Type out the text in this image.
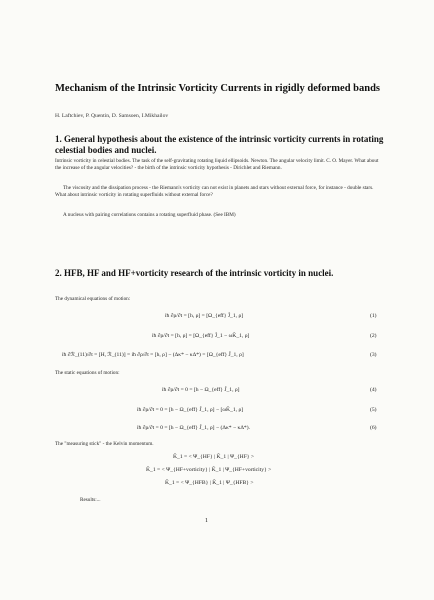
Mechanism of the Intrinsic Vorticity Currents in rigidly deformed bands
H. Laftchiev, P. Quentin, D. Samsoen, I.Mikhailov
1. General hypothesis about the existence of the intrinsic vorticity currents in rotating celestial bodies and nuclei.
Intrinsic vorticity in celestial bodies. The task of the self-gravitating rotating liquid ellipsoids. Newton. The angular velocity limit. C. O. Mayer. What about the increase of the angular velocities? - the birth of the intrinsic vorticity hypothesis - Dirichlet and Riemann.
The viscosity and the dissipation process - the Riemann's vorticity can not exist in planets and stars without external force, for instance - double stars. What about intrinsic vorticity in rotating superfluids without external force?
A nucleus with pairing correlations contains a rotating superfluid phase. (See IBM)
2. HFB, HF and HF+vorticity research of the intrinsic vorticity in nuclei.
The dynamical equations of motion:
iħ ∂ρ/∂t = [h, ρ] = [Ω_{eff} Ĵ_1, ρ]	(1)
iħ ∂ρ/∂t = [h, ρ] = [Ω_{eff} Ĵ_1 − ωK̂_1, ρ]	(2)
iħ ∂ℛ_(11)/∂t = [H, ℛ_(11)] = iħ ∂ρ/∂t = [h, ρ] − (Δκ* − κΔ*) = [Ω_{eff} Ĵ_1, ρ]	(3)
The static equations of motion:
iħ ∂ρ/∂t = 0 = [h − Ω_{eff} Ĵ_1, ρ]	(4)
iħ ∂ρ/∂t = 0 = [h − Ω_{eff} Ĵ_1, ρ] − [ωK̂_1, ρ]	(5)
iħ ∂ρ/∂t = 0 = [h − Ω_{eff} Ĵ_1, ρ] − (Δκ* − κΔ*).	(6)
The "measuring stick" - the Kelvin momentum.
K̂_1 = < Ψ_{HF} | K̂_1 | Ψ_{HF} >
K̂_1 = < Ψ_{HF+vorticity} | K̂_1 | Ψ_{HF+vorticity} >
K̂_1 = < Ψ_{HFB} | K̂_1 | Ψ_{HFB} >
Results:...
1
